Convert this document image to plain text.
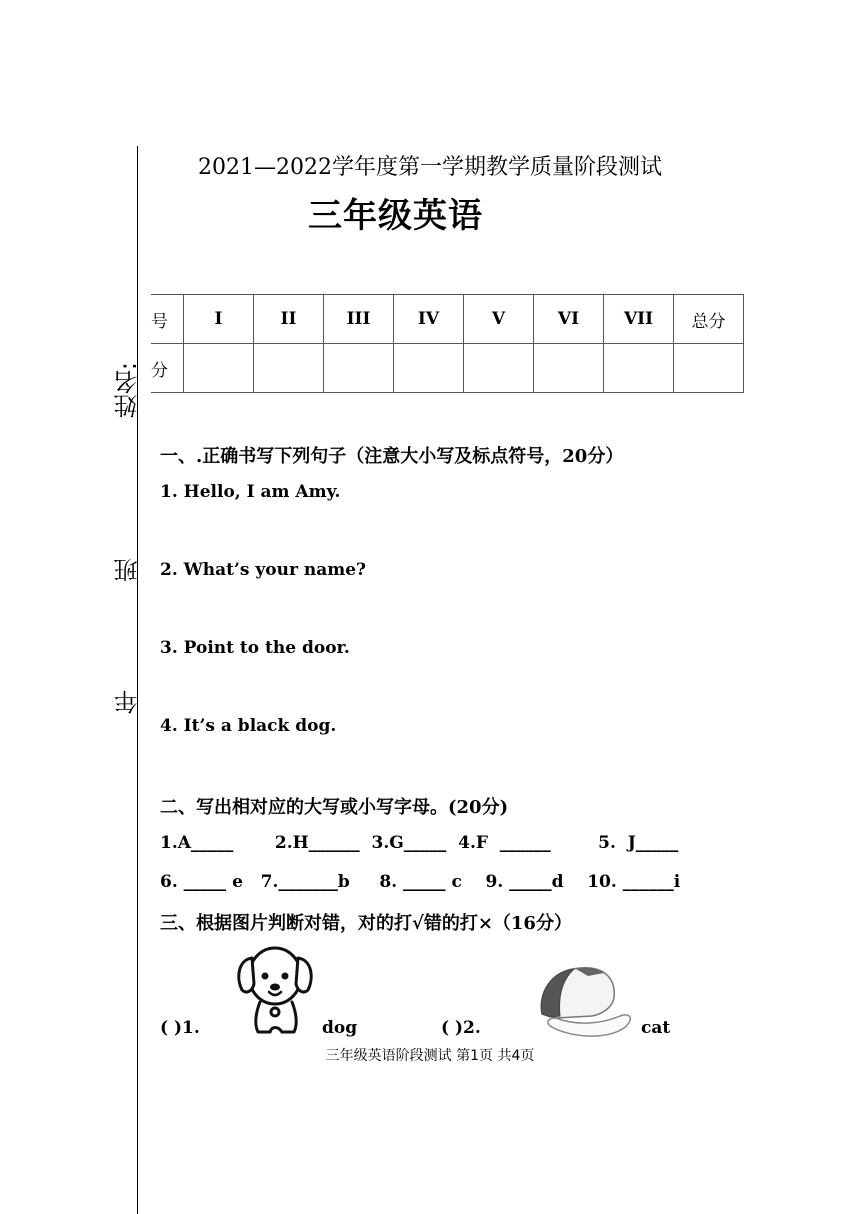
姓名:
班
年
2021—2022学年度第一学期教学质量阶段测试
三年级英语
号	I	II	III	IV	V	VI	VII	总分
分								
一、.正确书写下列句子（注意大小写及标点符号，20分）
1. Hello, I am Amy.
2. What’s your name?
3. Point to the door.
4. It’s a black dog.
二、写出相对应的大写或小写字母。(20分)
1.A_____       2.H______  3.G_____  4.F  ______        5.  J_____
6. _____ e   7._______b     8. _____ c    9. _____d    10. ______i
三、根据图片判断对错，对的打√错的打×（16分）
( )1.	dog	( )2.	cat
三年级英语阶段测试 第1页 共4页
